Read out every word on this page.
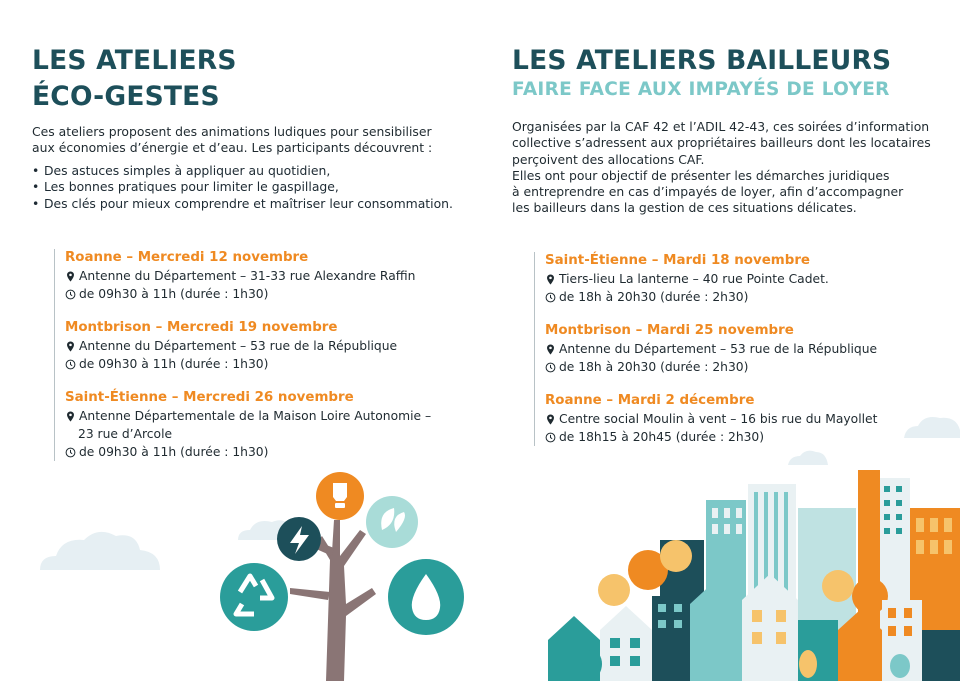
LES ATELIERS
ÉCO-GESTES

Ces ateliers proposent des animations ludiques pour sensibiliser

aux économies d’énergie et d’eau. Les participants découvrent :

• Des astuces simples à appliquer au quotidien,
• Les bonnes pratiques pour limiter le gaspillage,
• Des clés pour mieux comprendre et maîtriser leur consommation.
Roanne – Mercredi 12 novembre
Antenne du Département – 31-33 rue Alexandre Raffin
de 09h30 à 11h (durée : 1h30)
Montbrison – Mercredi 19 novembre
Antenne du Département – 53 rue de la République
de 09h30 à 11h (durée : 1h30)
Saint-Étienne – Mercredi 26 novembre
Antenne Départementale de la Maison Loire Autonomie –
23 rue d’Arcole
de 09h30 à 11h (durée : 1h30)
LES ATELIERS BAILLEURS
FAIRE FACE AUX IMPAYÉS DE LOYER

Organisées par la CAF 42 et l’ADIL 42-43, ces soirées d’information

collective s’adressent aux propriétaires bailleurs dont les locataires

perçoivent des allocations CAF.

Elles ont pour objectif de présenter les démarches juridiques

à entreprendre en cas d’impayés de loyer, afin d’accompagner

les bailleurs dans la gestion de ces situations délicates.

Saint-Étienne – Mardi 18 novembre
Tiers-lieu La lanterne – 40 rue Pointe Cadet.
de 18h à 20h30 (durée : 2h30)
Montbrison – Mardi 25 novembre
Antenne du Département – 53 rue de la République
de 18h à 20h30 (durée : 2h30)
Roanne – Mardi 2 décembre
Centre social Moulin à vent – 16 bis rue du Mayollet
de 18h15 à 20h45 (durée : 2h30)
